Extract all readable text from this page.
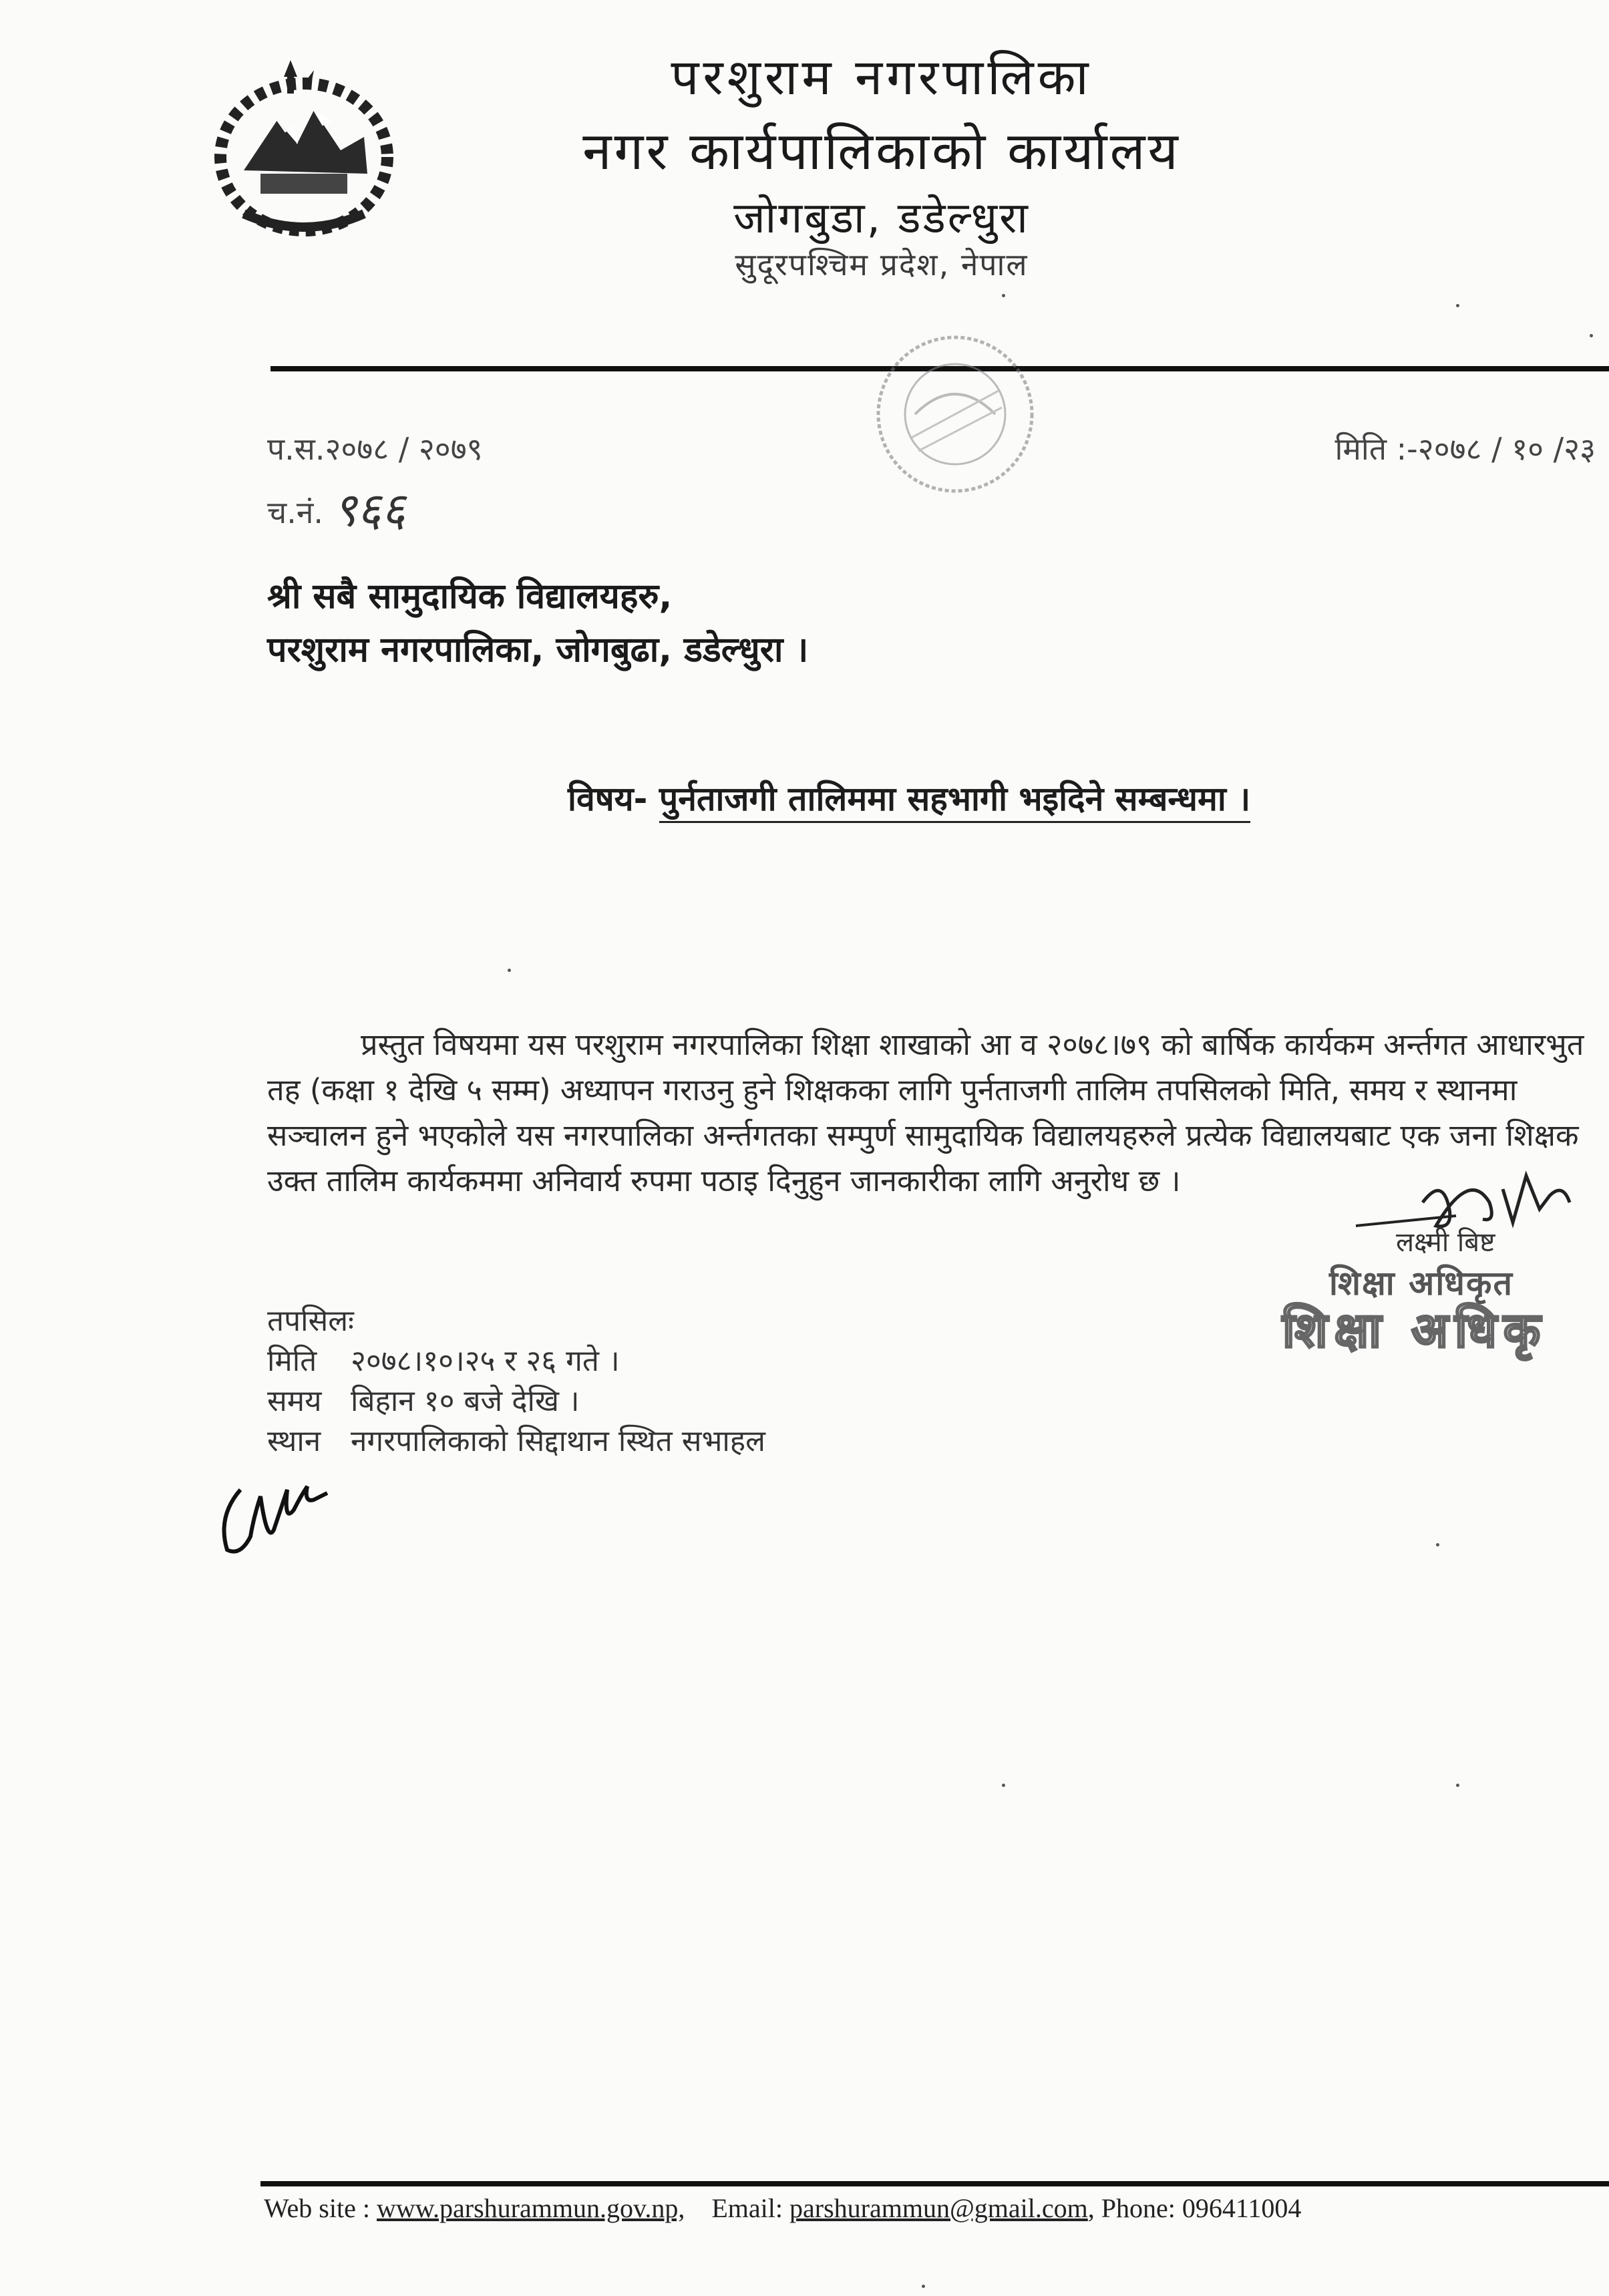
परशुराम नगरपालिका
नगर कार्यपालिकाको कार्यालय
जोगबुडा, डडेल्धुरा
सुदूरपश्चिम प्रदेश, नेपाल
प.स.२०७८ / २०७९
च.नं. ९६६
मिति :-२०७८ / १० /२३
श्री सबै सामुदायिक विद्यालयहरु,
परशुराम नगरपालिका, जोगबुढा, डडेल्धुरा ।
विषय- पुर्नताजगी तालिममा सहभागी भइदिने सम्बन्धमा ।
प्रस्तुत विषयमा यस परशुराम नगरपालिका शिक्षा शाखाको आ व २०७८।७९ को बार्षिक कार्यकम अर्न्तगत आधारभुत तह (कक्षा १ देखि ५ सम्म) अध्यापन गराउनु हुने शिक्षकका लागि पुर्नताजगी तालिम तपसिलको मिति, समय र स्थानमा सञ्चालन हुने भएकोले यस नगरपालिका अर्न्तगतका सम्पुर्ण सामुदायिक विद्यालयहरुले प्रत्येक विद्यालयबाट एक जना शिक्षक उक्त तालिम कार्यकममा अनिवार्य रुपमा पठाइ दिनुहुन जानकारीका लागि अनुरोध छ ।
लक्ष्मी बिष्ट
शिक्षा अधिकृत
शिक्षा अधिकृ
तपसिलः
मिति २०७८।१०।२५ र २६ गते ।
समय बिहान १० बजे देखि ।
स्थान नगरपालिकाको सिद्दाथान स्थित सभाहल
Web site : www.parshurammun.gov.np, Email: parshurammun@gmail.com, Phone: 096411004
